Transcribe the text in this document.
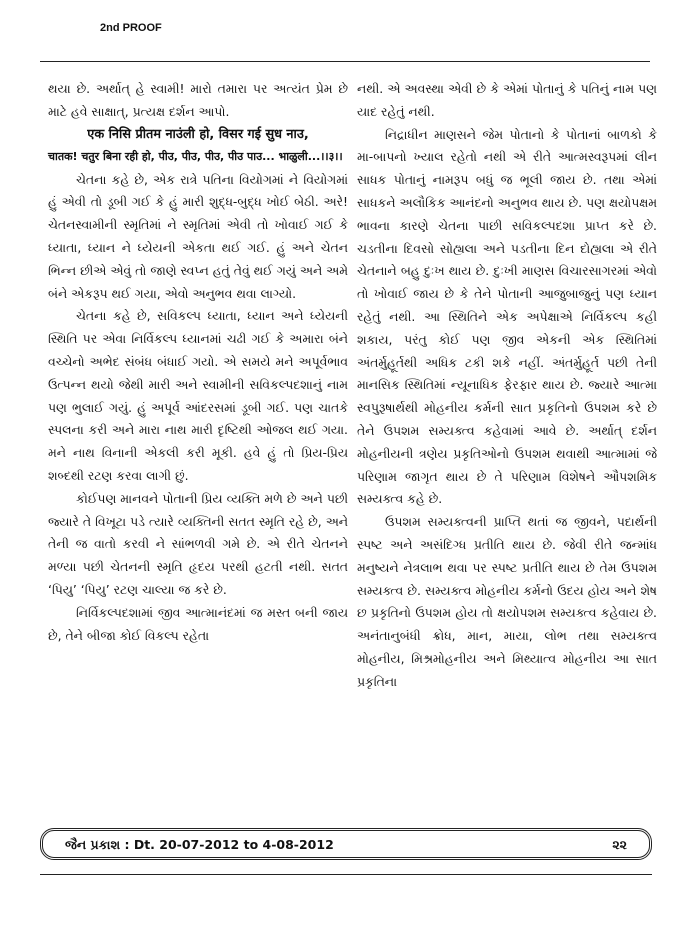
2nd PROOF

થયા છે. અર્થાત્ હે સ્વામી! મારો તમારા પર અત્યંત પ્રેમ છે માટે હવે સાક્ષાત્, પ્રત્યક્ષ દર્શન આપો.

एक निसि प्रीतम नाउंली हो, विसर गई सुध नाउ,

चातक! चतुर बिना रही हो, पीउ, पीउ, पीउ, पीउ पाउ... भाळुली...।।३।।

ચેતના કહે છે, એક રાત્રે પતિના વિયોગમાં ને વિયોગમાં હું એવી તો ડૂબી ગઈ કે હું મારી શુદ્ધ-બુદ્ધ ખોઈ બેઠી. અરે! ચેતનસ્વામીની સ્મૃતિમાં ને સ્મૃતિમાં એવી તો ખોવાઈ ગઈ કે ધ્યાતા, ધ્યાન ને ધ્યેયની એકતા થઈ ગઈ. હું અને ચેતન ભિન્ન છીએ એવું તો જાણે સ્વપ્ન હતું તેવું થઈ ગયું અને અમે બંને એકરૂપ થઈ ગયા, એવો અનુભવ થવા લાગ્યો.

ચેતના કહે છે, સવિકલ્પ ધ્યાતા, ધ્યાન અને ધ્યેયની સ્થિતિ પર એવા નિર્વિકલ્પ ધ્યાનમાં ચઢી ગઈ કે અમારા બંને વચ્ચેનો અભેદ સંબંધ બંધાઈ ગયો. એ સમયે મને અપૂર્વભાવ ઉત્પન્ન થયો જેથી મારી અને સ્વામીની સવિકલ્પદશાનું નામ પણ ભુલાઈ ગયું. હું અપૂર્વ આંદરસમાં ડૂબી ગઈ. પણ ચાતકે સ્પલના કરી અને મારા નાથ મારી દૃષ્ટિથી ઓજલ થઈ ગયા. મને નાથ વિનાની એકલી કરી મૂકી. હવે હું તો પ્રિય-પ્રિય શબ્દથી રટણ કરવા લાગી છું.

કોઈપણ માનવને પોતાની પ્રિય વ્યક્તિ મળે છે અને પછી જ્યારે તે વિખૂટા પડે ત્યારે વ્યક્તિની સતત સ્મૃતિ રહે છે, અને તેની જ વાતો કરવી ને સાંભળવી ગમે છે. એ રીતે ચેતનને મળ્યા પછી ચેતનની સ્મૃતિ હૃદય પરથી હટતી નથી. સતત ‘પિયુ’ ‘પિયુ’ રટણ ચાલ્યા જ કરે છે.

નિર્વિકલ્પદશામાં જીવ આત્માનંદમાં જ મસ્ત બની જાય છે, તેને બીજા કોઈ વિકલ્પ રહેતા

નથી. એ અવસ્થા એવી છે કે એમાં પોતાનું કે પતિનું નામ પણ યાદ રહેતું નથી.

નિદ્રાધીન માણસને જેમ પોતાનો કે પોતાનાં બાળકો કે મા-બાપનો ખ્યાલ રહેતો નથી એ રીતે આત્મસ્વરૂપમાં લીન સાધક પોતાનું નામરૂપ બધું જ ભૂલી જાય છે. તથા એમાં સાધકને અલૌકિક આનંદનો અનુભવ થાય છે. પણ ક્ષયોપક્ષમ ભાવના કારણે ચેતના પાછી સવિકલ્પદશા પ્રાપ્ત કરે છે. ચડતીના દિવસો સોહ્યલા અને પડતીના દિન દોહ્યલા એ રીતે ચેતનાને બહુ દુઃખ થાય છે. દુઃખી માણસ વિચારસાગરમાં એવો તો ખોવાઈ જાય છે કે તેને પોતાની આજુબાજુનું પણ ધ્યાન રહેતું નથી. આ સ્થિતિને એક અપેક્ષાએ નિર્વિકલ્પ કહી શકાય, પરંતુ કોઈ પણ જીવ એકની એક સ્થિતિમાં અંતર્મુહૂર્તથી અધિક ટકી શકે નહીં. અંતર્મુહૂર્ત પછી તેની માનસિક સ્થિતિમાં ન્યૂનાધિક ફેરફાર થાય છે. જ્યારે આત્મા સ્વપુરૂષાર્થથી મોહનીય કર્મની સાત પ્રકૃતિનો ઉપશમ કરે છે તેને ઉપશમ સમ્યક્ત્વ કહેવામાં આવે છે. અર્થાત્ દર્શન મોહનીયની ત્રણેય પ્રકૃતિઓનો ઉપશમ થવાથી આત્મામાં જે પરિણામ જાગૃત થાય છે તે પરિણામ વિશેષને ઔપશમિક સમ્યક્ત્વ કહે છે.

ઉપશમ સમ્યક્ત્વની પ્રાપ્તિ થતાં જ જીવને, પદાર્થની સ્પષ્ટ અને અસંદિગ્ધ પ્રતીતિ થાય છે. જેવી રીતે જન્માંધ મનુષ્યને નેત્રલાભ થવા પર સ્પષ્ટ પ્રતીતિ થાય છે તેમ ઉપશમ સમ્યક્ત્વ છે. સમ્યક્ત્વ મોહનીય કર્મનો ઉદય હોય અને શેષ છ પ્રકૃતિનો ઉપશમ હોય તો ક્ષયોપશમ સમ્યક્ત્વ કહેવાય છે. અનંતાનુબંધી ક્રોધ, માન, માયા, લોભ તથા સમ્યક્ત્વ મોહનીય, મિશ્રમોહનીય અને મિથ્યાત્વ મોહનીય આ સાત પ્રકૃતિના

જૈન પ્રકાશ : Dt. 20-07-2012 to 4-08-2012	૨૨
